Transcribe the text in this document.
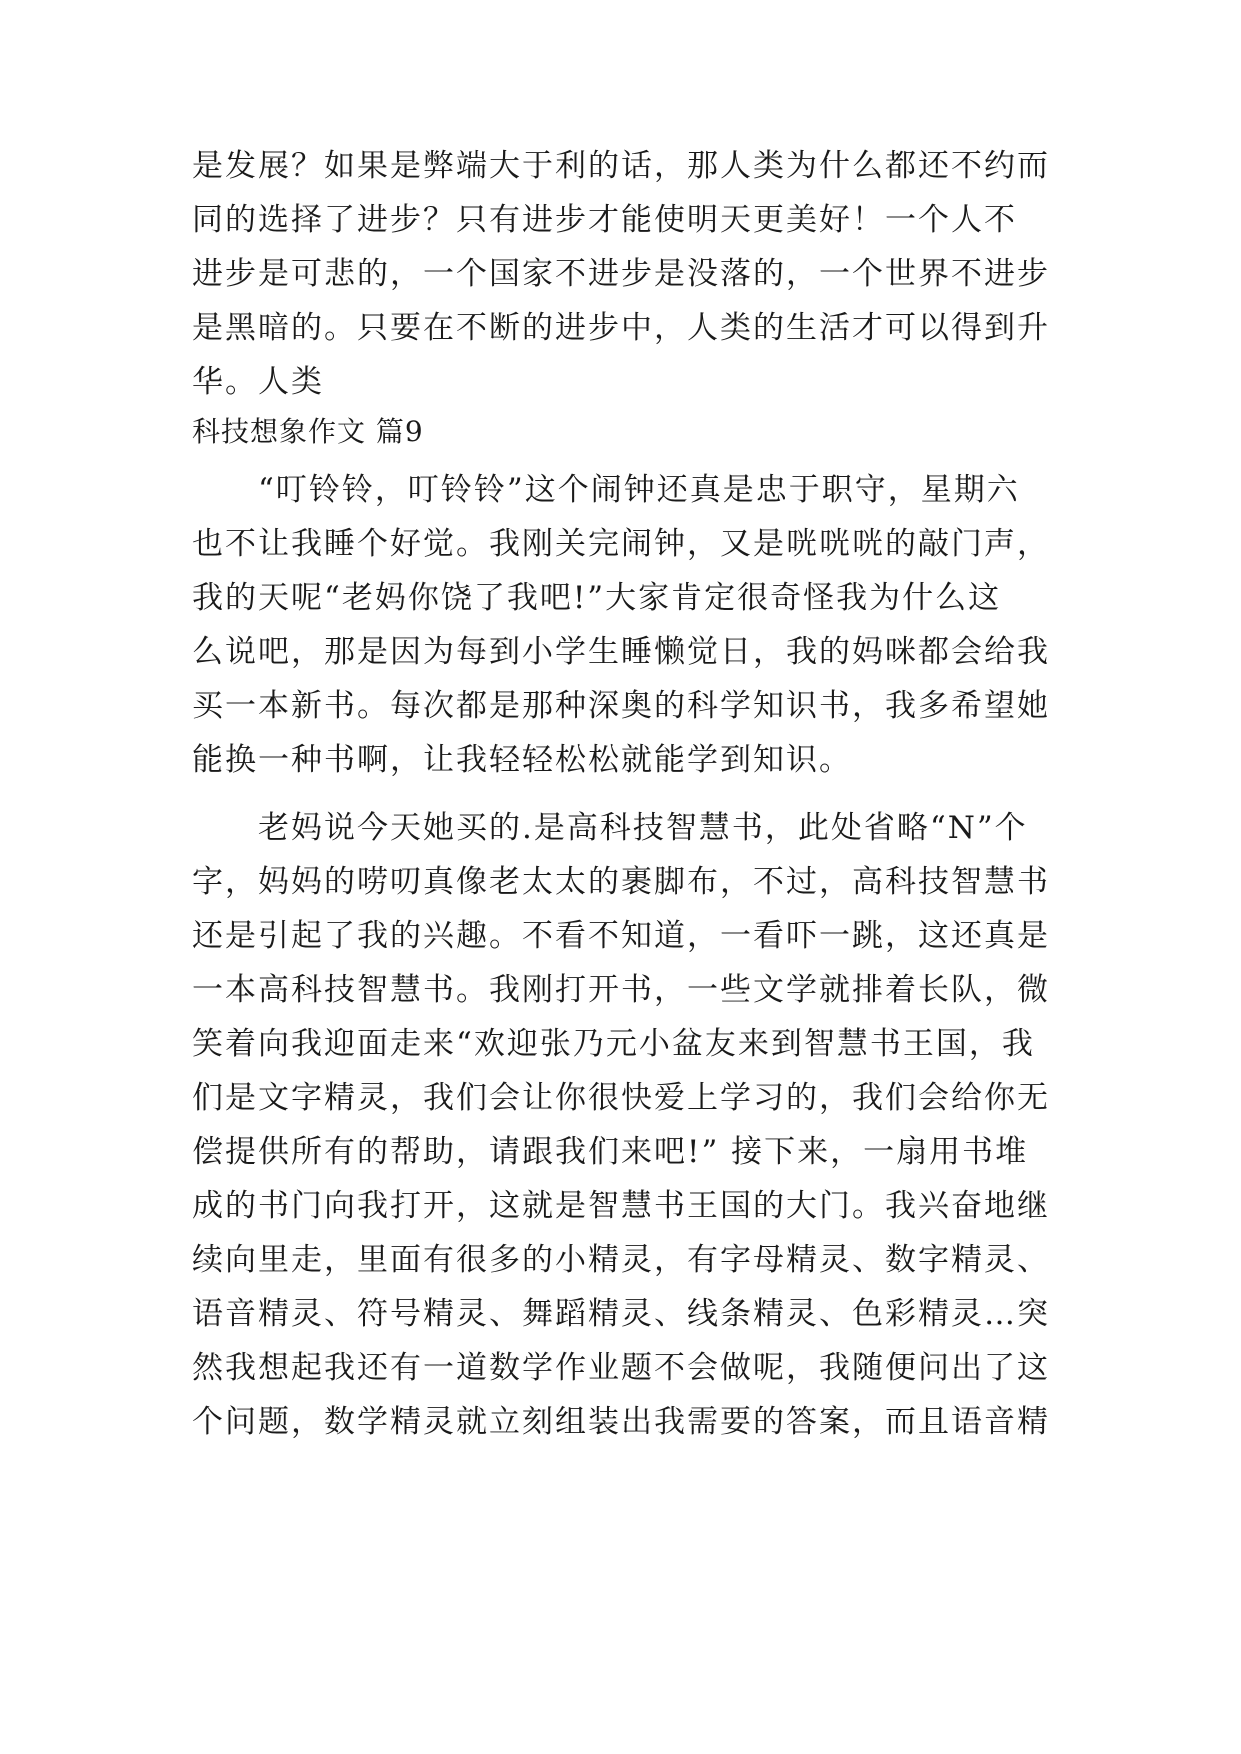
是发展？如果是弊端大于利的话，那人类为什么都还不约而
同的选择了进步？只有进步才能使明天更美好！一个人不
进步是可悲的，一个国家不进步是没落的，一个世界不进步
是黑暗的。只要在不断的进步中，人类的生活才可以得到升
华。人类
科技想象作文 篇9
　　“叮铃铃，叮铃铃”这个闹钟还真是忠于职守，星期六
也不让我睡个好觉。我刚关完闹钟，又是咣咣咣的敲门声，
我的天呢“老妈你饶了我吧!”大家肯定很奇怪我为什么这
么说吧，那是因为每到小学生睡懒觉日，我的妈咪都会给我
买一本新书。每次都是那种深奥的科学知识书，我多希望她
能换一种书啊，让我轻轻松松就能学到知识。
　　老妈说今天她买的.是高科技智慧书，此处省略“N”个
字，妈妈的唠叨真像老太太的裹脚布，不过，高科技智慧书
还是引起了我的兴趣。不看不知道，一看吓一跳，这还真是
一本高科技智慧书。我刚打开书，一些文学就排着长队，微
笑着向我迎面走来“欢迎张乃元小盆友来到智慧书王国，我
们是文字精灵，我们会让你很快爱上学习的，我们会给你无
偿提供所有的帮助，请跟我们来吧!” 接下来，一扇用书堆
成的书门向我打开，这就是智慧书王国的大门。我兴奋地继
续向里走，里面有很多的小精灵，有字母精灵、数字精灵、
语音精灵、符号精灵、舞蹈精灵、线条精灵、色彩精灵…突
然我想起我还有一道数学作业题不会做呢，我随便问出了这
个问题，数学精灵就立刻组装出我需要的答案，而且语音精
